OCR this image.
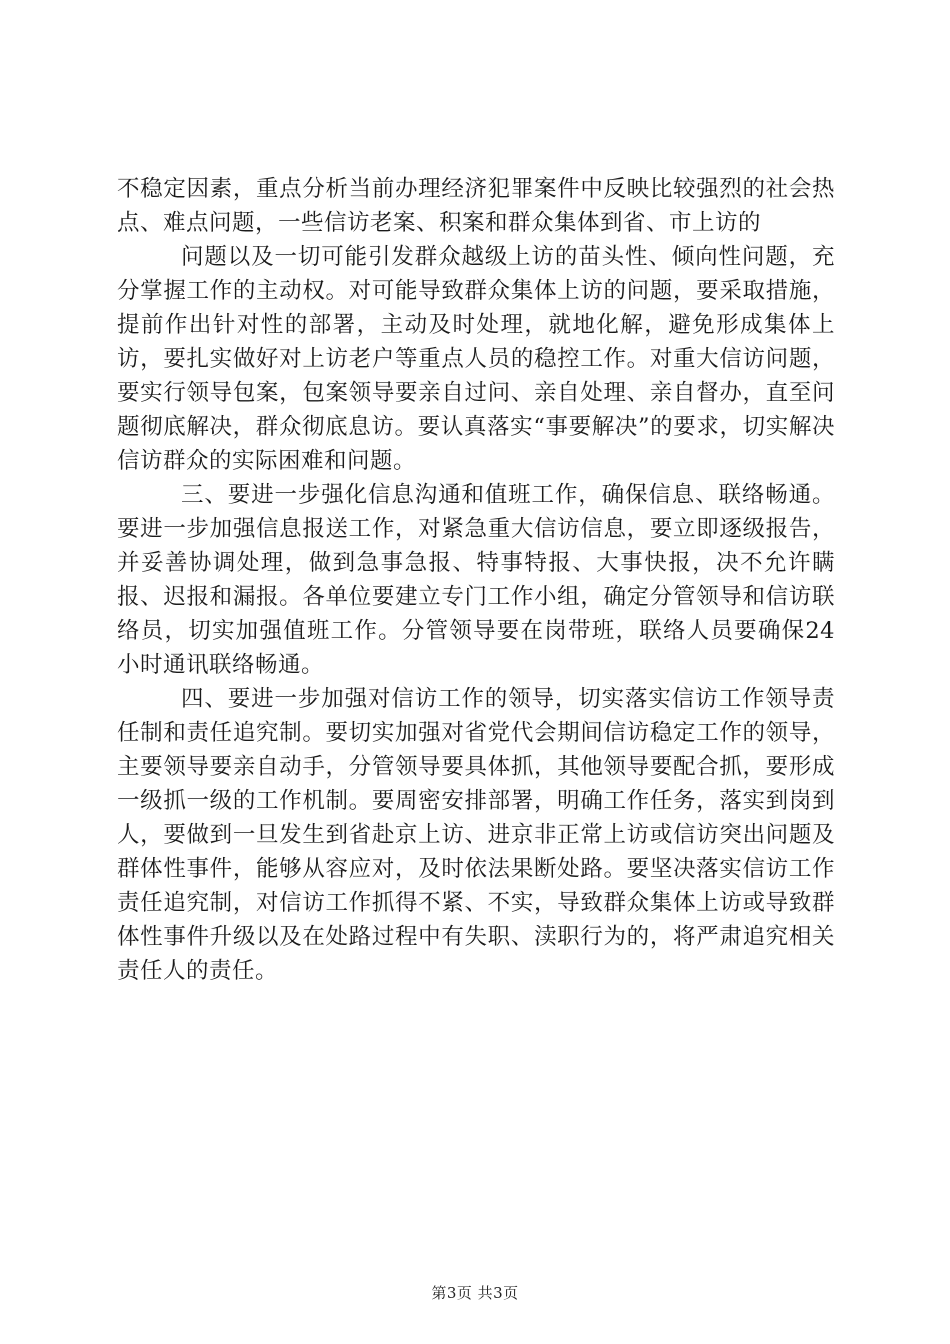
不稳定因素，重点分析当前办理经济犯罪案件中反映比较强烈的社会热点、难点问题，一些信访老案、积案和群众集体到省、市上访的

问题以及一切可能引发群众越级上访的苗头性、倾向性问题，充分掌握工作的主动权。对可能导致群众集体上访的问题，要采取措施，提前作出针对性的部署，主动及时处理，就地化解，避免形成集体上访，要扎实做好对上访老户等重点人员的稳控工作。对重大信访问题，要实行领导包案，包案领导要亲自过问、亲自处理、亲自督办，直至问题彻底解决，群众彻底息访。要认真落实“事要解决”的要求，切实解决信访群众的实际困难和问题。

三、要进一步强化信息沟通和值班工作，确保信息、联络畅通。要进一步加强信息报送工作，对紧急重大信访信息，要立即逐级报告，并妥善协调处理，做到急事急报、特事特报、大事快报，决不允许瞒报、迟报和漏报。各单位要建立专门工作小组，确定分管领导和信访联络员，切实加强值班工作。分管领导要在岗带班，联络人员要确保24小时通讯联络畅通。

四、要进一步加强对信访工作的领导，切实落实信访工作领导责任制和责任追究制。要切实加强对省党代会期间信访稳定工作的领导，主要领导要亲自动手，分管领导要具体抓，其他领导要配合抓，要形成一级抓一级的工作机制。要周密安排部署，明确工作任务，落实到岗到人，要做到一旦发生到省赴京上访、进京非正常上访或信访突出问题及群体性事件，能够从容应对，及时依法果断处路。要坚决落实信访工作责任追究制，对信访工作抓得不紧、不实，导致群众集体上访或导致群体性事件升级以及在处路过程中有失职、渎职行为的，将严肃追究相关责任人的责任。

第3页 共3页
